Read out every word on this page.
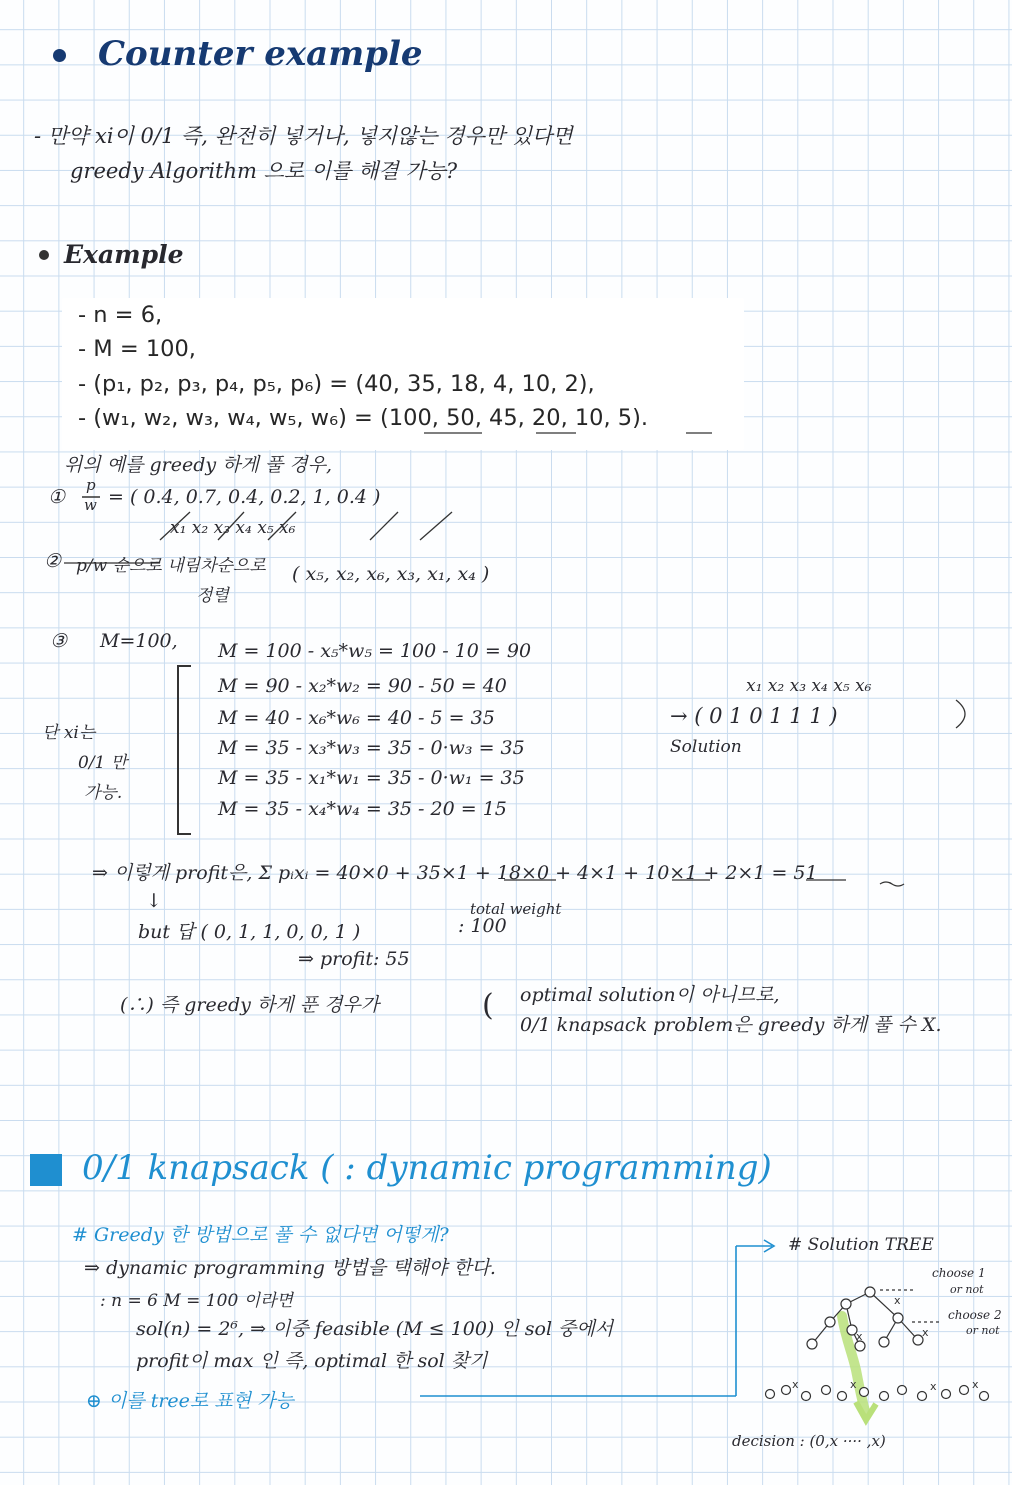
Counter example
- 만약 xi이 0/1 즉, 완전히 넣거나, 넣지않는 경우만 있다면
greedy Algorithm 으로 이를 해결 가능?
Example
- n = 6,
- M = 100,
- (p₁, p₂, p₃, p₄, p₅, p₆) = (40, 35, 18, 4, 10, 2),
- (w₁, w₂, w₃, w₄, w₅, w₆) = (100, 50, 45, 20, 10, 5).
위의 예를 greedy 하게 풀 경우,
①
p
w = ( 0.4, 0.7, 0.4, 0.2, 1, 0.4 )
x₁ x₂ x₃ x₄ x₅ x₆
② p/w 순으로 내림차순으로
정렬
( x₅, x₂, x₆, x₃, x₁, x₄ )
③ M=100, M = 100 - x₅*w₅ = 100 - 10 = 90
M = 90 - x₂*w₂ = 90 - 50 = 40
M = 40 - x₆*w₆ = 40 - 5 = 35
M = 35 - x₃*w₃ = 35 - 0·w₃ = 35
M = 35 - x₁*w₁ = 35 - 0·w₁ = 35
M = 35 - x₄*w₄ = 35 - 20 = 15
단 xi는
0/1 만
가능.
x₁ x₂ x₃ x₄ x₅ x₆
→ ( 0 1 0 1 1 1 )
Solution
⇒ 이렇게 profit은, Σ pᵢxᵢ = 40×0 + 35×1 + 18×0 + 4×1 + 10×1 + 2×1 = 51
↓
but 답 ( 0, 1, 1, 0, 0, 1 )
total weight
: 100
⇒ profit: 55
(∴) 즉 greedy 하게 푼 경우가	( optimal solution이 아니므로,
0/1 knapsack problem은 greedy 하게 풀 수 X.
0/1 knapsack ( : dynamic programming)
# Greedy 한 방법으로 풀 수 없다면 어떻게?
⇒ dynamic programming 방법을 택해야 한다.
: n = 6 M = 100 이라면
sol(n) = 2⁶, ⇒ 이중 feasible (M ≤ 100) 인 sol 중에서
profit이 max 인 즉, optimal 한 sol 찾기
⊕ 이를 tree로 표현 가능
# Solution TREE
choose 1
or not
choose 2
or not
decision : (0,x ···· ,x)
x
x
x
x	x	x	x
